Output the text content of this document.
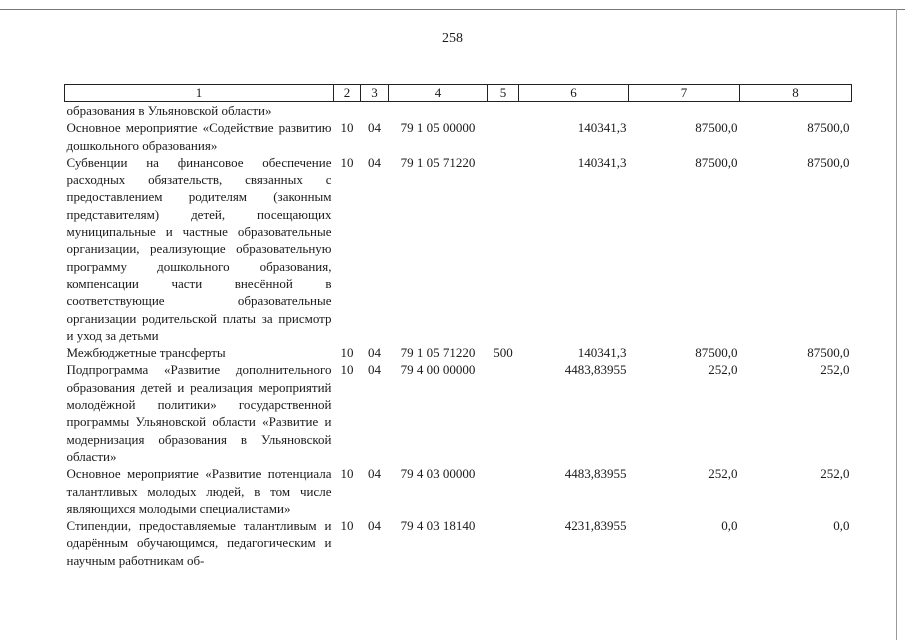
258
1	2	3	4	5	6	7	8
образования в Ульяновской области»							
Основное мероприятие «Содействие развитию дошкольного образования»	10	04	79 1 05 00000		140341,3	87500,0	87500,0
Субвенции на финансовое обеспечение расходных обязательств, связанных с предоставлением родителям (законным представителям) детей, посещающих муниципальные и частные образовательные организации, реализующие образовательную программу дошкольного образования, компенсации части внесённой в соответствующие образовательные организации родительской платы за присмотр и уход за детьми	10	04	79 1 05 71220		140341,3	87500,0	87500,0
Межбюджетные трансферты	10	04	79 1 05 71220	500	140341,3	87500,0	87500,0
Подпрограмма «Развитие дополнительного образования детей и реализация мероприятий молодёжной политики» государственной программы Ульяновской области «Развитие и модернизация образования в Ульяновской области»	10	04	79 4 00 00000		4483,83955	252,0	252,0
Основное мероприятие «Развитие потенциала талантливых молодых людей, в том числе являющихся молодыми специалистами»	10	04	79 4 03 00000		4483,83955	252,0	252,0
Стипендии, предоставляемые талантливым и одарённым обучающимся, педагогическим и научным работникам об-	10	04	79 4 03 18140		4231,83955	0,0	0,0
